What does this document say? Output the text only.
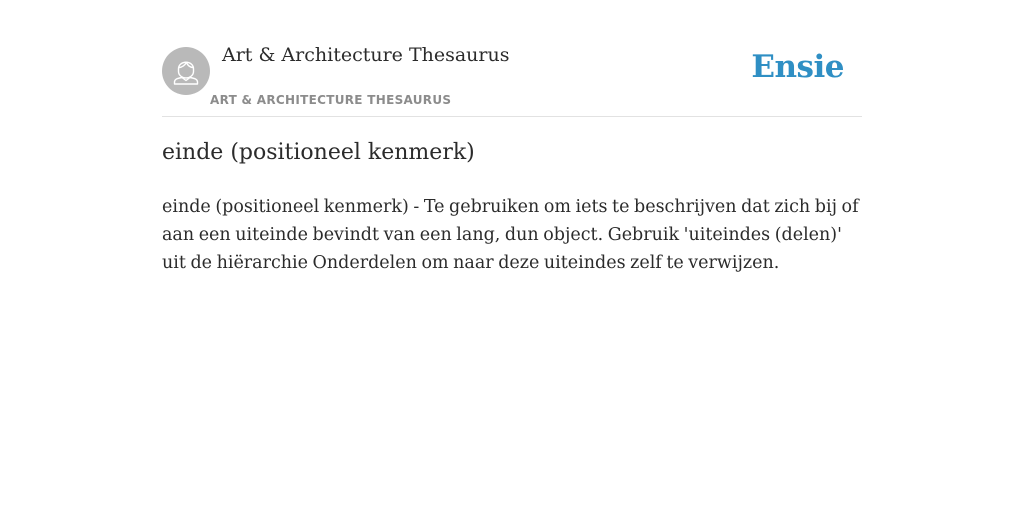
Art & Architecture Thesaurus
ART & ARCHITECTURE THESAURUS
Ensie
einde (positioneel kenmerk)

einde (positioneel kenmerk) - Te gebruiken om iets te beschrijven dat zich bij of aan een uiteinde bevindt van een lang, dun object. Gebruik 'uiteindes (delen)' uit de hiërarchie Onderdelen om naar deze uiteindes zelf te verwijzen.
